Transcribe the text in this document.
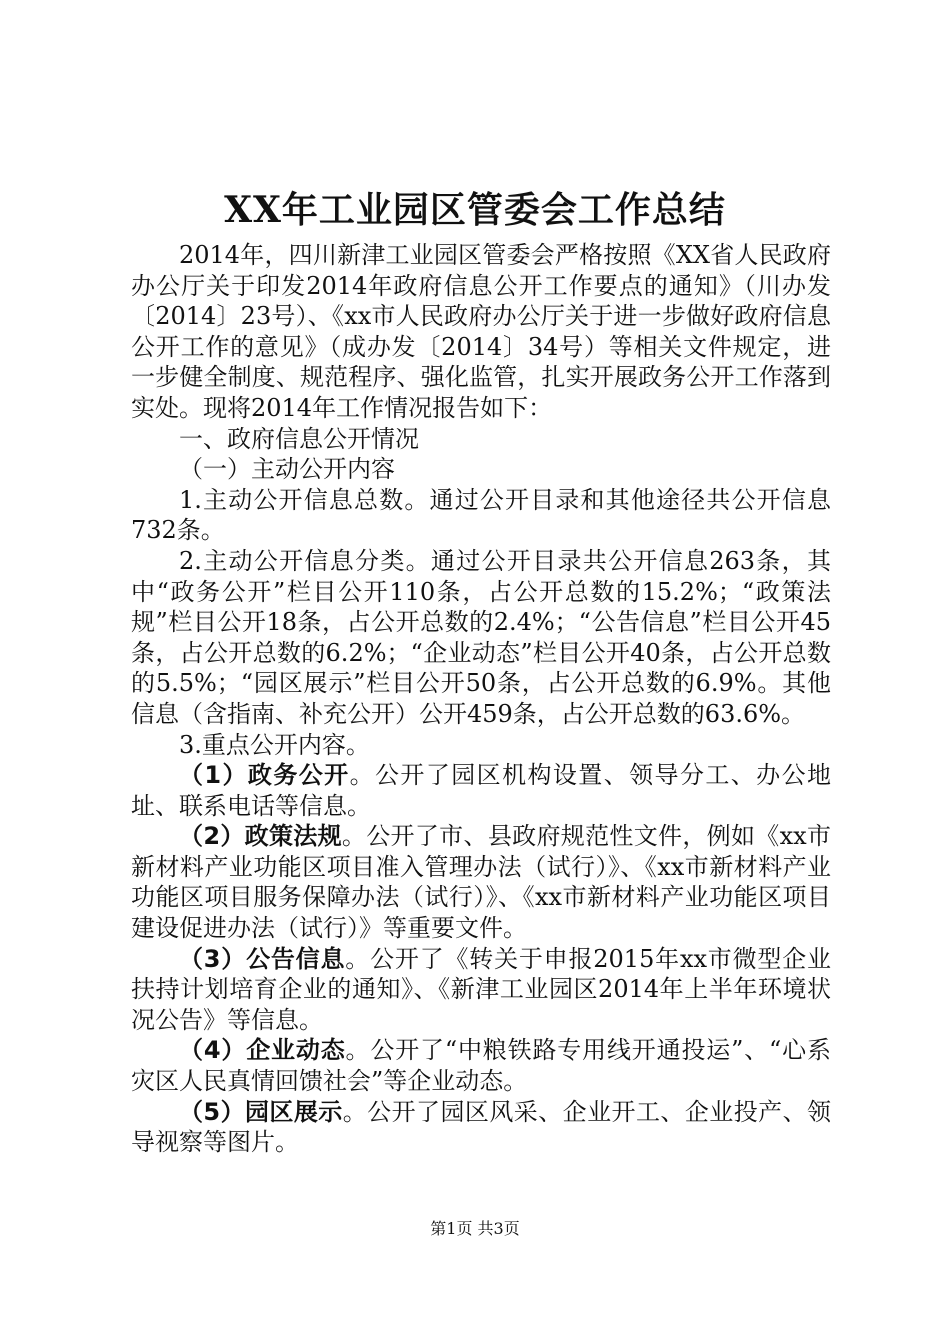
XX年工业园区管委会工作总结

2014年，四川新津工业园区管委会严格按照《XX省人民政府办公厅关于印发2014年政府信息公开工作要点的通知》（川办发〔2014〕23号）、《xx市人民政府办公厅关于进一步做好政府信息公开工作的意见》（成办发〔2014〕34号）等相关文件规定，进一步健全制度、规范程序、强化监管，扎实开展政务公开工作落到实处。现将2014年工作情况报告如下：

一、政府信息公开情况

（一）主动公开内容

1.主动公开信息总数。通过公开目录和其他途径共公开信息732条。

2.主动公开信息分类。通过公开目录共公开信息263条，其中“政务公开”栏目公开110条，占公开总数的15.2%；“政策法规”栏目公开18条，占公开总数的2.4%；“公告信息”栏目公开45条，占公开总数的6.2%；“企业动态”栏目公开40条，占公开总数的5.5%；“园区展示”栏目公开50条，占公开总数的6.9%。其他信息（含指南、补充公开）公开459条，占公开总数的63.6%。

3.重点公开内容。

（1）政务公开。公开了园区机构设置、领导分工、办公地址、联系电话等信息。

（2）政策法规。公开了市、县政府规范性文件，例如《xx市新材料产业功能区项目准入管理办法（试行）》、《xx市新材料产业功能区项目服务保障办法（试行）》、《xx市新材料产业功能区项目建设促进办法（试行）》等重要文件。

（3）公告信息。公开了《转关于申报2015年xx市微型企业扶持计划培育企业的通知》、《新津工业园区2014年上半年环境状况公告》等信息。

（4）企业动态。公开了“中粮铁路专用线开通投运”、“心系灾区人民真情回馈社会”等企业动态。

（5）园区展示。公开了园区风采、企业开工、企业投产、领导视察等图片。

第1页 共3页
